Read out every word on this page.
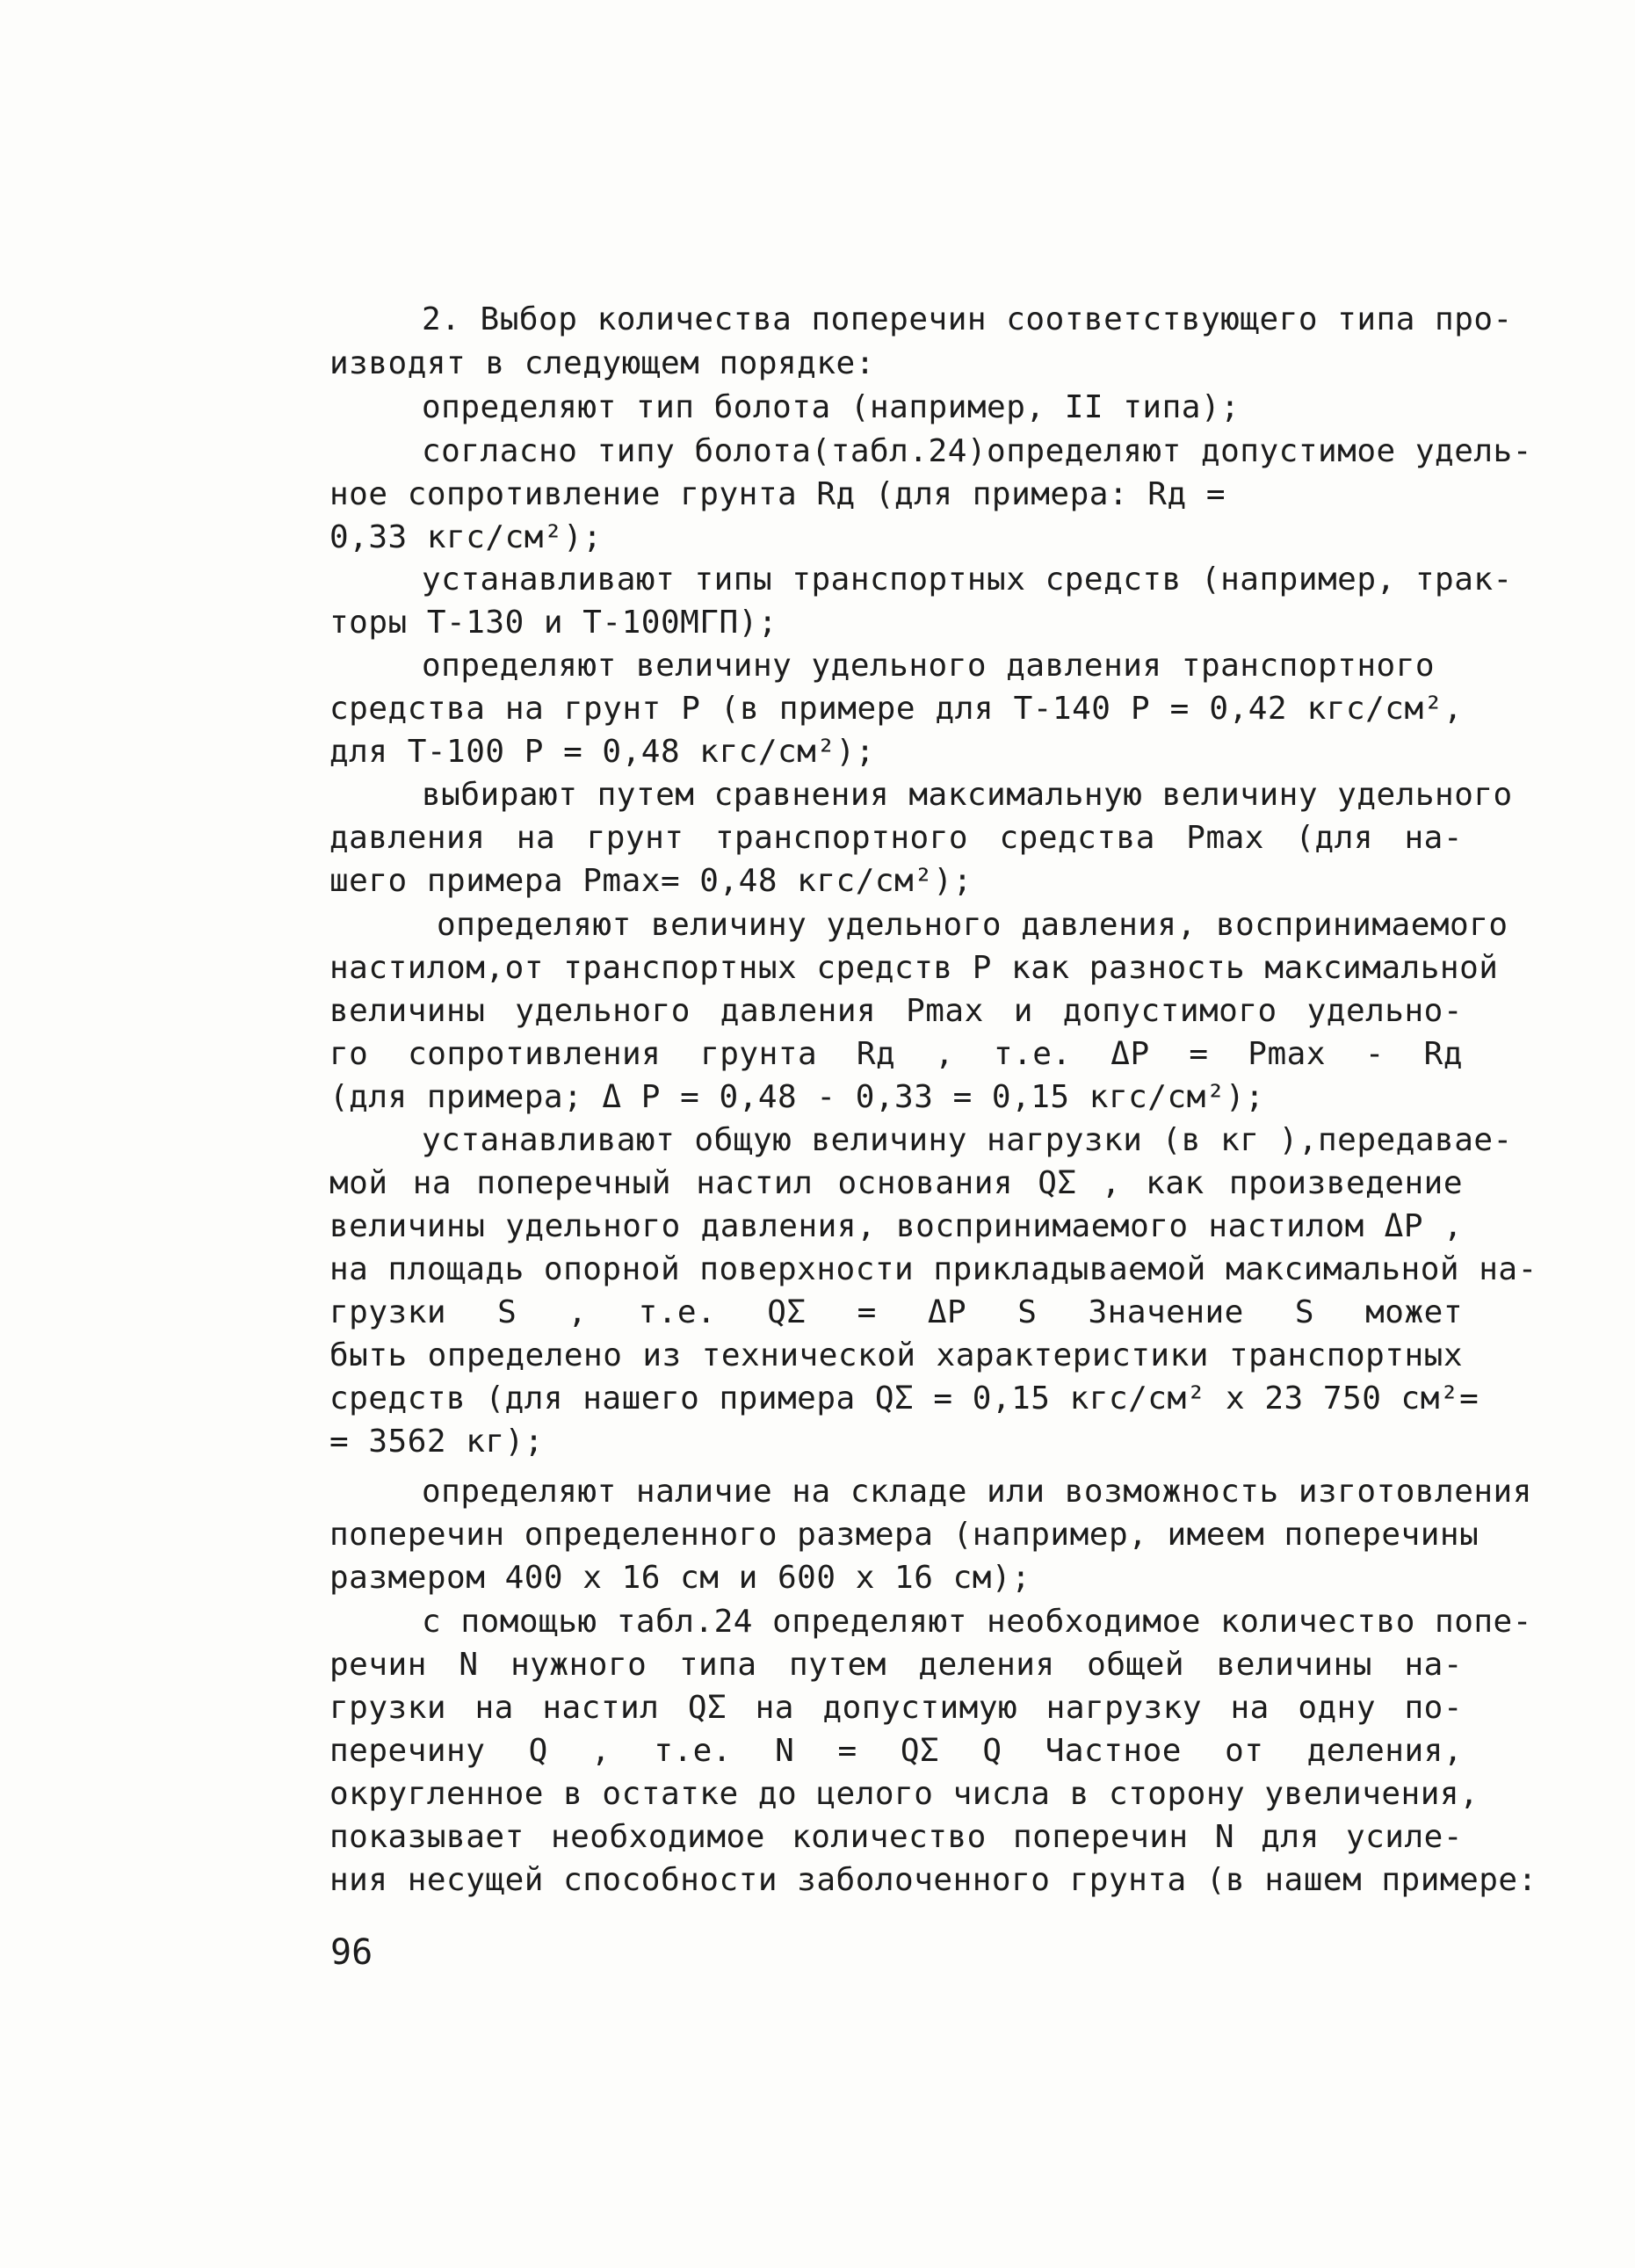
2. Выбор количества поперечин соответствующего типа про-
изводят в следующем порядке:
определяют тип болота (например, II типа);
согласно типу болота(табл.24)определяют допустимое удель-
ное сопротивление грунта Rд (для примера: Rд =
0,33 кгс/см²);
устанавливают типы транспортных средств (например, трак-
торы Т-130 и Т-100МГП);
определяют величину удельного давления транспортного
средства на грунт Р (в примере для Т-140 Р = 0,42 кгс/см²,
для Т-100 Р = 0,48 кгс/см²);
выбирают путем сравнения максимальную величину удельного
давления на грунт транспортного средства Pmax (для на-
шего примера Pmax= 0,48 кгс/см²);
определяют величину удельного давления, воспринимаемого
настилом,от транспортных средств Р как разность максимальной
величины удельного давления Pmax и допустимого удельно-
го сопротивления грунта Rд , т.е. ΔP = Pmax - Rд
(для примера; Δ P = 0,48 - 0,33 = 0,15 кгс/см²);
устанавливают общую величину нагрузки (в кг ),передавае-
мой на поперечный настил основания QΣ , как произведение
величины удельного давления, воспринимаемого настилом ΔP ,
на площадь опорной поверхности прикладываемой максимальной на-
грузки S , т.е. QΣ = ΔP S Значение S может
быть определено из технической характеристики транспортных
средств (для нашего примера QΣ = 0,15 кгс/см² x 23 750 см²=
= 3562 кг);
определяют наличие на складе или возможность изготовления
поперечин определенного размера (например, имеем поперечины
размером 400 x 16 см и 600 x 16 см);
с помощью табл.24 определяют необходимое количество попе-
речин N нужного типа путем деления общей величины на-
грузки на настил QΣ на допустимую нагрузку на одну по-
перечину Q , т.е. N = QΣ Q Частное от деления,
округленное в остатке до целого числа в сторону увеличения,
показывает необходимое количество поперечин N для усиле-
ния несущей способности заболоченного грунта (в нашем примере:
96
